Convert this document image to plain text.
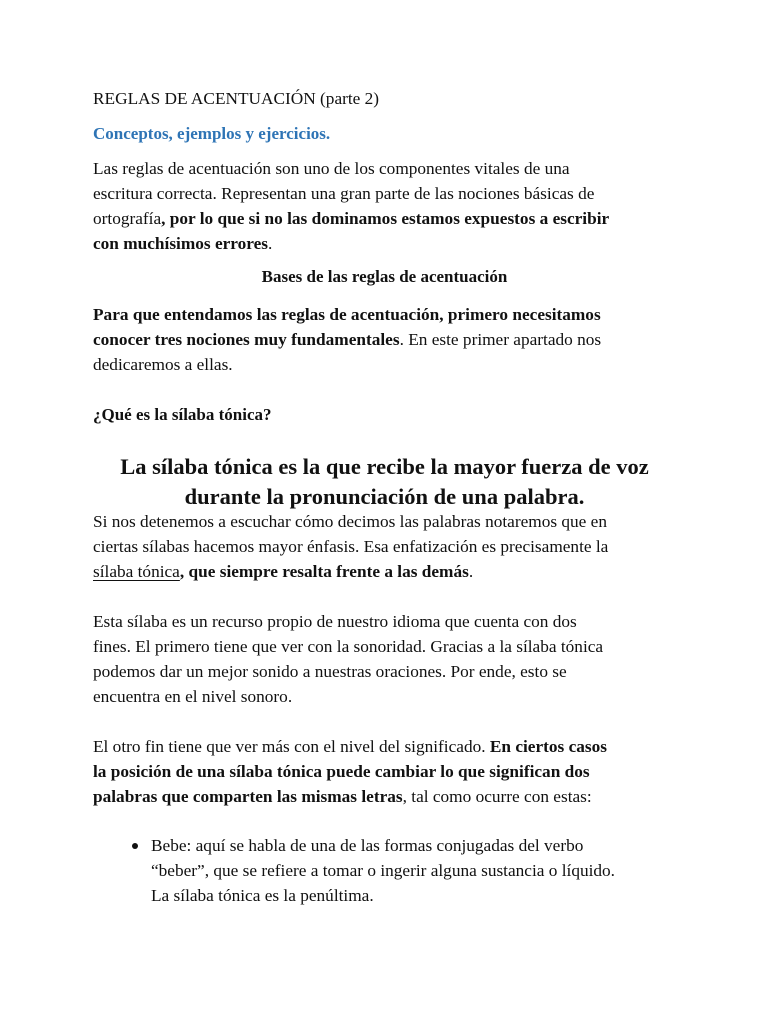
REGLAS DE ACENTUACIÓN (parte 2)

Conceptos, ejemplos y ejercicios.

Las reglas de acentuación son uno de los componentes vitales de una

escritura correcta. Representan una gran parte de las nociones básicas de

ortografía, por lo que si no las dominamos estamos expuestos a escribir

con muchísimos errores.

Bases de las reglas de acentuación

Para que entendamos las reglas de acentuación, primero necesitamos

conocer tres nociones muy fundamentales. En este primer apartado nos

dedicaremos a ellas.

¿Qué es la sílaba tónica?

La sílaba tónica es la que recibe la mayor fuerza de voz
durante la pronunciación de una palabra.

Si nos detenemos a escuchar cómo decimos las palabras notaremos que en

ciertas sílabas hacemos mayor énfasis. Esa enfatización es precisamente la

sílaba tónica, que siempre resalta frente a las demás.

Esta sílaba es un recurso propio de nuestro idioma que cuenta con dos

fines. El primero tiene que ver con la sonoridad. Gracias a la sílaba tónica

podemos dar un mejor sonido a nuestras oraciones. Por ende, esto se

encuentra en el nivel sonoro.

El otro fin tiene que ver más con el nivel del significado. En ciertos casos

la posición de una sílaba tónica puede cambiar lo que significan dos

palabras que comparten las mismas letras, tal como ocurre con estas:

Bebe: aquí se habla de una de las formas conjugadas del verbo
“beber”, que se refiere a tomar o ingerir alguna sustancia o líquido.
La sílaba tónica es la penúltima.
